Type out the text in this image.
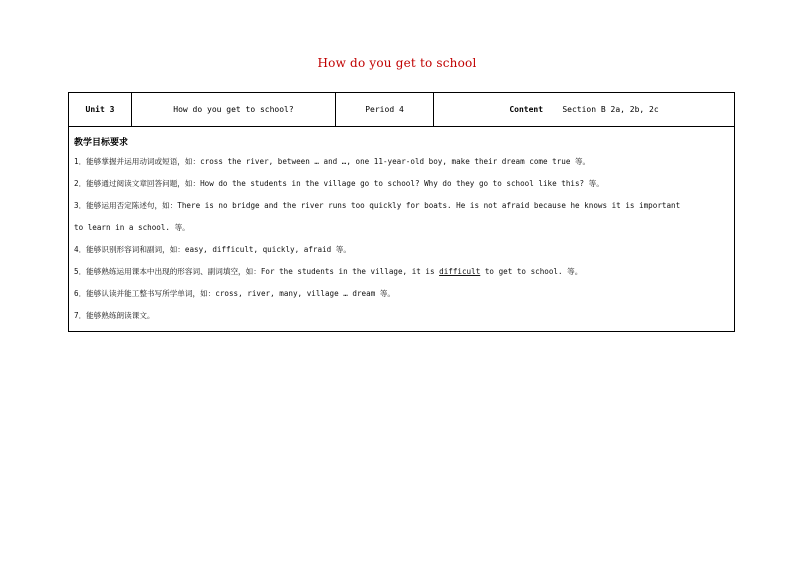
How do you get to school
Unit 3	How do you get to school?	Period 4	Content Section B 2a, 2b, 2c
教学目标要求
1．能够掌握并运用动词或短语，如：cross the river, between … and …, one 11-year-old boy, make their dream come true 等。
2．能够通过阅读文章回答问题，如：How do the students in the village go to school? Why do they go to school like this? 等。
3．能够运用否定陈述句，如：There is no bridge and the river runs too quickly for boats. He is not afraid because he knows it is important
to learn in a school. 等。
4．能够识别形容词和副词，如：easy, difficult, quickly, afraid 等。
5．能够熟练运用课本中出现的形容词、副词填空，如：For the students in the village, it is difficult to get to school. 等。
6．能够认读并能工整书写所学单词，如：cross, river, many, village … dream 等。
7．能够熟练朗读课文。
